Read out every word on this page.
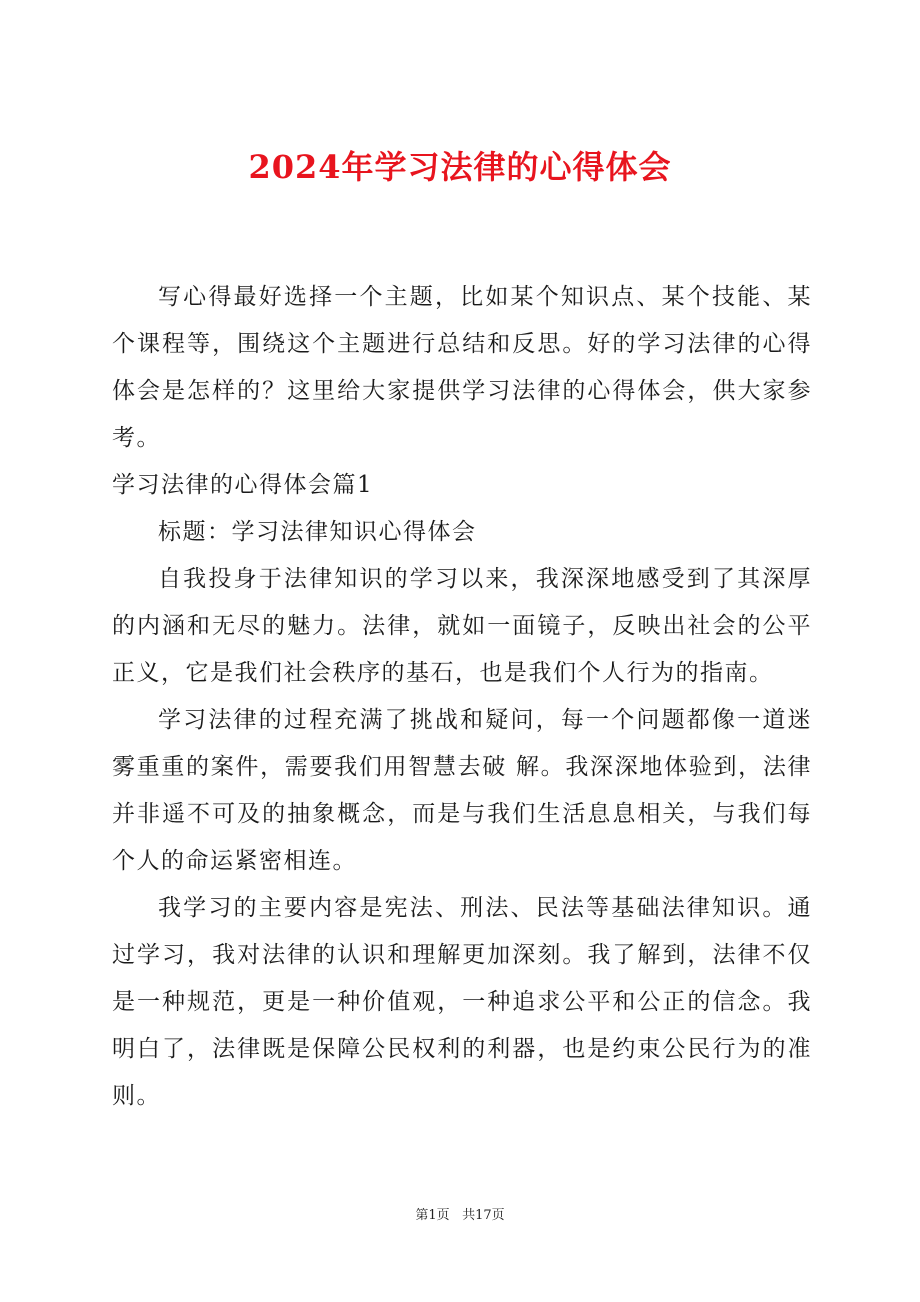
2024年学习法律的心得体会

写心得最好选择一个主题，比如某个知识点、某个技能、某个课程等，围绕这个主题进行总结和反思。好的学习法律的心得体会是怎样的？这里给大家提供学习法律的心得体会，供大家参考。

学习法律的心得体会篇1

标题：学习法律知识心得体会

自我投身于法律知识的学习以来，我深深地感受到了其深厚的内涵和无尽的魅力。法律，就如一面镜子，反映出社会的公平正义，它是我们社会秩序的基石，也是我们个人行为的指南。

学习法律的过程充满了挑战和疑问，每一个问题都像一道迷雾重重的案件，需要我们用智慧去破 解。我深深地体验到，法律并非遥不可及的抽象概念，而是与我们生活息息相关，与我们每个人的命运紧密相连。

我学习的主要内容是宪法、刑法、民法等基础法律知识。通过学习，我对法律的认识和理解更加深刻。我了解到，法律不仅是一种规范，更是一种价值观，一种追求公平和公正的信念。我明白了，法律既是保障公民权利的利器，也是约束公民行为的准则。

第1页 共17页
